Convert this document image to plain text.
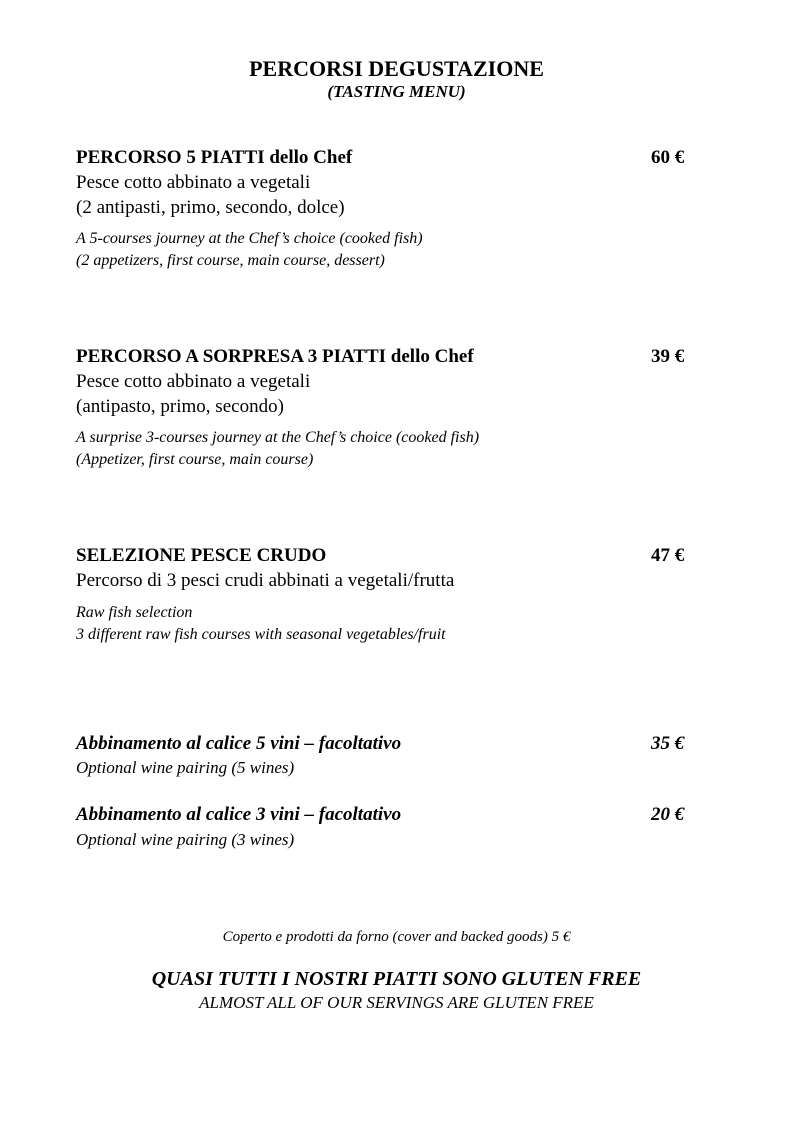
PERCORSI DEGUSTAZIONE
(TASTING MENU)
PERCORSO 5 PIATTI dello Chef	60 €
Pesce cotto abbinato a vegetali
(2 antipasti, primo, secondo, dolce)
A 5-courses journey at the Chef’s choice (cooked fish)
(2 appetizers, first course, main course, dessert)
PERCORSO A SORPRESA 3 PIATTI dello Chef	39 €
Pesce cotto abbinato a vegetali
(antipasto, primo, secondo)
A surprise 3-courses journey at the Chef’s choice (cooked fish)
(Appetizer, first course, main course)
SELEZIONE PESCE CRUDO	47 €
Percorso di 3 pesci crudi abbinati a vegetali/frutta
Raw fish selection
3 different raw fish courses with seasonal vegetables/fruit
Abbinamento al calice 5 vini – facoltativo	35 €
Optional wine pairing (5 wines)
Abbinamento al calice 3 vini – facoltativo	20 €
Optional wine pairing (3 wines)
Coperto e prodotti da forno (cover and backed goods) 5 €
QUASI TUTTI I NOSTRI PIATTI SONO GLUTEN FREE
ALMOST ALL OF OUR SERVINGS ARE GLUTEN FREE
